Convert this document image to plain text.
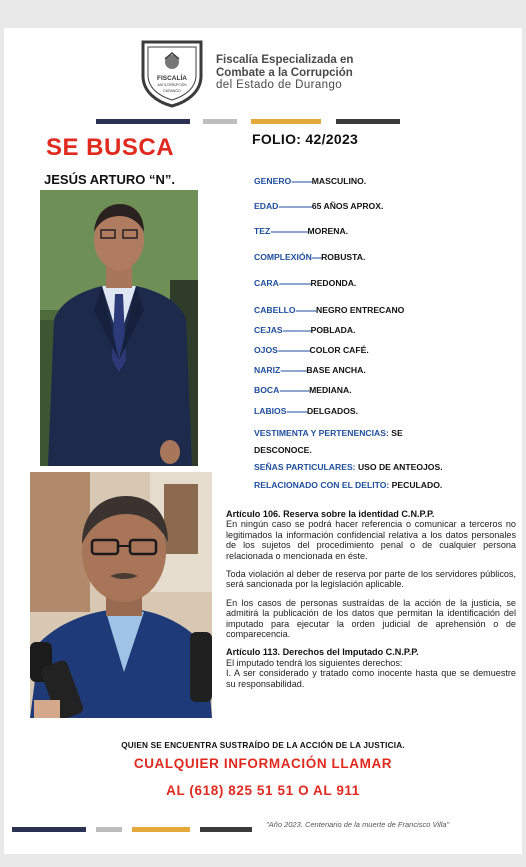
FISCALÍA
ANTICORRUPCIÓN
DURANGO
Fiscalía Especializada en
Combate a la Corrupción
del Estado de Durango
SE BUSCA
JESÚS ARTURO “N”.
FOLIO: 42/2023
GENERO-----------MASCULINO.
EDAD------------------65 AÑOS APROX.
TEZ--------------------MORENA.
COMPLEXIÓN-----ROBUSTA.
CARA-----------------REDONDA.
CABELLO-----------NEGRO ENTRECANO
CEJAS---------------POBLADA.
OJOS-----------------COLOR CAFÉ.
NARIZ--------------BASE ANCHA.
BOCA----------------MEDIANA.
LABIOS-----------DELGADOS.
VESTIMENTA Y PERTENENCIAS: SE
DESCONOCE.
SEÑAS PARTICULARES: USO DE ANTEOJOS.
RELACIONADO CON EL DELITO: PECULADO.
Artículo 106. Reserva sobre la identidad C.N.P.P.

En ningún caso se podrá hacer referencia o comunicar a terceros no legitimados la información confidencial relativa a los datos personales de los sujetos del procedimiento penal o de cualquier persona relacionada o mencionada en éste.

Toda violación al deber de reserva por parte de los servidores públicos, será sancionada por la legislación aplicable.

En los casos de personas sustraídas de la acción de la justicia, se admitirá la publicación de los datos que permitan la identificación del imputado para ejecutar la orden judicial de aprehensión o de comparecencia.

Artículo 113. Derechos del Imputado C.N.P.P.

El imputado tendrá los siguientes derechos:

I. A ser considerado y tratado como inocente hasta que se demuestre su responsabilidad.

QUIEN SE ENCUENTRA SUSTRAÍDO DE LA ACCIÓN DE LA JUSTICIA.
CUALQUIER INFORMACIÓN LLAMAR
AL (618) 825 51 51 O AL 911
"Año 2023. Centenario de la muerte de Francisco Villa"
